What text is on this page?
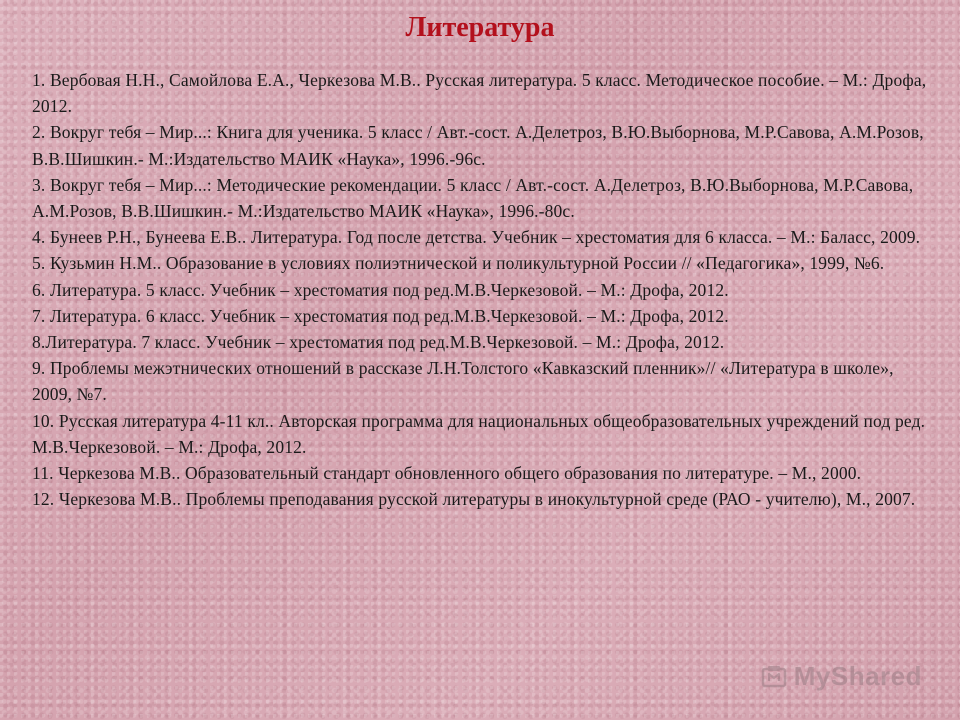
Литература
1. Вербовая Н.Н., Самойлова Е.А., Черкезова М.В.. Русская литература. 5 класс. Методическое пособие. – М.: Дрофа, 2012.
2. Вокруг тебя – Мир...: Книга для ученика. 5 класс / Авт.-сост. А.Делетроз, В.Ю.Выборнова, М.Р.Савова, А.М.Розов, В.В.Шишкин.- М.:Издательство МАИК «Наука», 1996.-96с.
3. Вокруг тебя – Мир...: Методические рекомендации. 5 класс / Авт.-сост. А.Делетроз, В.Ю.Выборнова, М.Р.Савова, А.М.Розов, В.В.Шишкин.- М.:Издательство МАИК «Наука», 1996.-80с.
4. Бунеев Р.Н., Бунеева Е.В.. Литература. Год после детства. Учебник – хрестоматия для 6 класса. – М.: Баласс, 2009.
5. Кузьмин Н.М.. Образование в условиях полиэтнической и поликультурной России // «Педагогика», 1999, №6.
6. Литература. 5 класс. Учебник – хрестоматия под ред.М.В.Черкезовой. – М.: Дрофа, 2012.
7. Литература. 6 класс. Учебник – хрестоматия под ред.М.В.Черкезовой. – М.: Дрофа, 2012.
8.Литература. 7 класс. Учебник – хрестоматия под ред.М.В.Черкезовой. – М.: Дрофа, 2012.
9. Проблемы межэтнических отношений в рассказе Л.Н.Толстого «Кавказский пленник»// «Литература в школе», 2009, №7.
10. Русская литература 4-11 кл.. Авторская программа для национальных общеобразовательных учреждений под ред. М.В.Черкезовой. – М.: Дрофа, 2012.
11. Черкезова М.В.. Образовательный стандарт обновленного общего образования по литературе. – М., 2000.
12. Черкезова М.В.. Проблемы преподавания русской литературы в инокультурной среде (РАО - учителю), М., 2007.
MyShared
